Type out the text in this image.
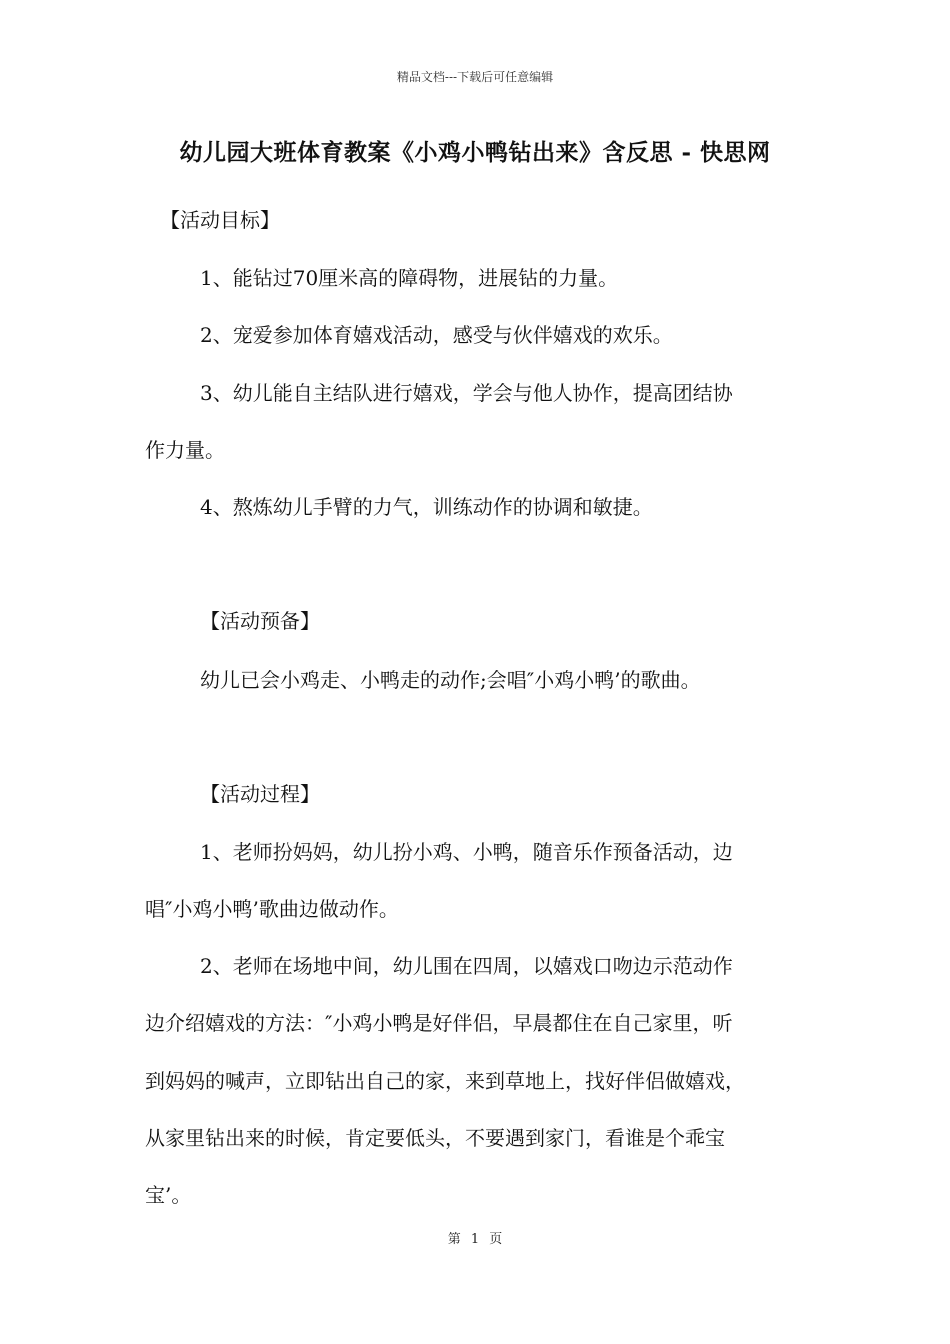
精品文档---下载后可任意编辑
幼儿园大班体育教案《小鸡小鸭钻出来》含反思 - 快思网
【活动目标】
1、能钻过70厘米高的障碍物，进展钻的力量。
2、宠爱参加体育嬉戏活动，感受与伙伴嬉戏的欢乐。
3、幼儿能自主结队进行嬉戏，学会与他人协作，提高团结协
作力量。
4、熬炼幼儿手臂的力气，训练动作的协调和敏捷。
【活动预备】
幼儿已会小鸡走、小鸭走的动作;会唱″小鸡小鸭’的歌曲。
【活动过程】
1、老师扮妈妈，幼儿扮小鸡、小鸭，随音乐作预备活动，边
唱″小鸡小鸭’歌曲边做动作。
2、老师在场地中间，幼儿围在四周，以嬉戏口吻边示范动作
边介绍嬉戏的方法：″小鸡小鸭是好伴侣，早晨都住在自己家里，听
到妈妈的喊声，立即钻出自己的家，来到草地上，找好伴侣做嬉戏，
从家里钻出来的时候，肯定要低头，不要遇到家门，看谁是个乖宝
宝’。
第 1 页
